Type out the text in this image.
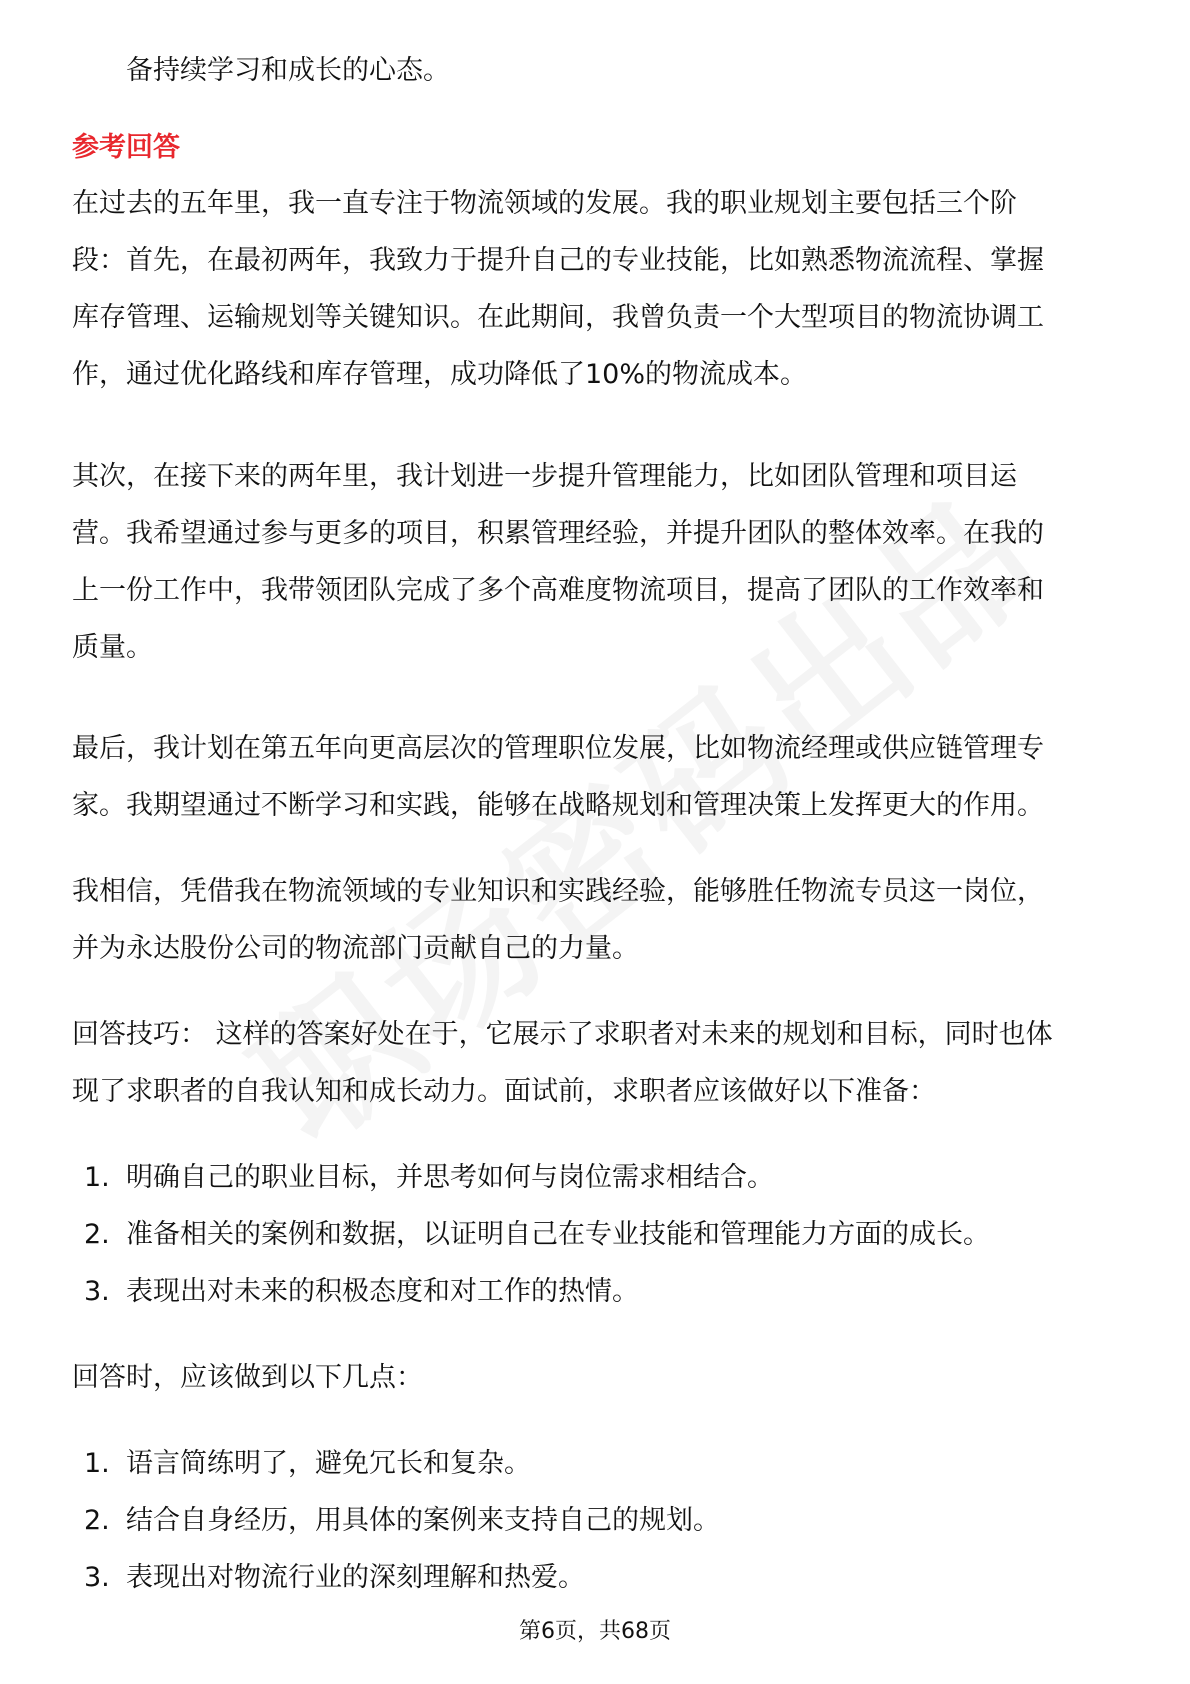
备持续学习和成长的心态。
参考回答

在过去的五年里，我一直专注于物流领域的发展。我的职业规划主要包括三个阶

段：首先，在最初两年，我致力于提升自己的专业技能，比如熟悉物流流程、掌握

库存管理、运输规划等关键知识。在此期间，我曾负责一个大型项目的物流协调工

作，通过优化路线和库存管理，成功降低了10%的物流成本。

其次，在接下来的两年里，我计划进一步提升管理能力，比如团队管理和项目运

营。我希望通过参与更多的项目，积累管理经验，并提升团队的整体效率。在我的

上一份工作中，我带领团队完成了多个高难度物流项目，提高了团队的工作效率和

质量。

最后，我计划在第五年向更高层次的管理职位发展，比如物流经理或供应链管理专

家。我期望通过不断学习和实践，能够在战略规划和管理决策上发挥更大的作用。

我相信，凭借我在物流领域的专业知识和实践经验，能够胜任物流专员这一岗位，

并为永达股份公司的物流部门贡献自己的力量。

回答技巧： 这样的答案好处在于，它展示了求职者对未来的规划和目标，同时也体

现了求职者的自我认知和成长动力。面试前，求职者应该做好以下准备：

1. 明确自己的职业目标，并思考如何与岗位需求相结合。
2. 准备相关的案例和数据，以证明自己在专业技能和管理能力方面的成长。
3. 表现出对未来的积极态度和对工作的热情。

回答时，应该做到以下几点：

1. 语言简练明了，避免冗长和复杂。
2. 结合自身经历，用具体的案例来支持自己的规划。
3. 表现出对物流行业的深刻理解和热爱。
第6页，共68页
